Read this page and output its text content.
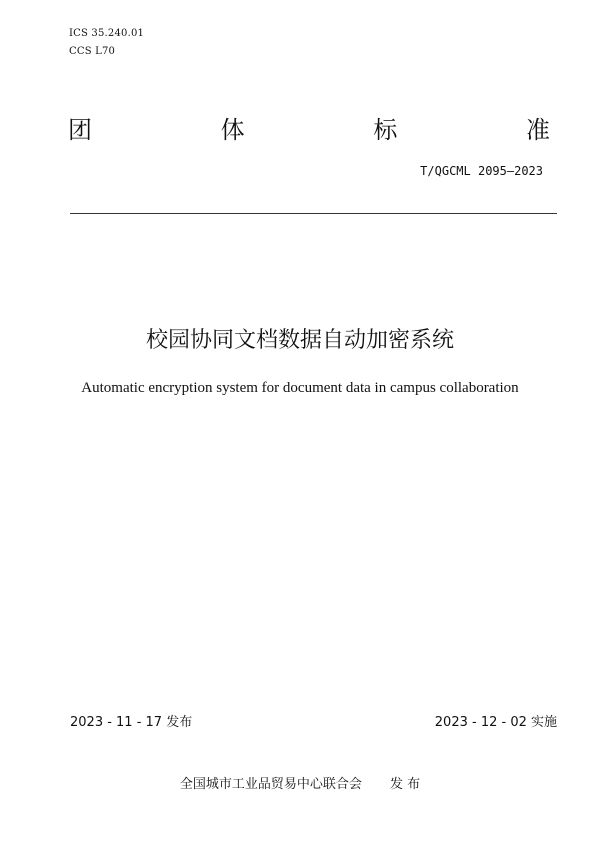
ICS 35.240.01
CCS L70
团	体	标	准
T/QGCML 2095—2023
校园协同文档数据自动加密系统
Automatic encryption system for document data in campus collaboration
2023 - 11 - 17 发布	2023 - 12 - 02 实施
全国城市工业品贸易中心联合会 发 布
